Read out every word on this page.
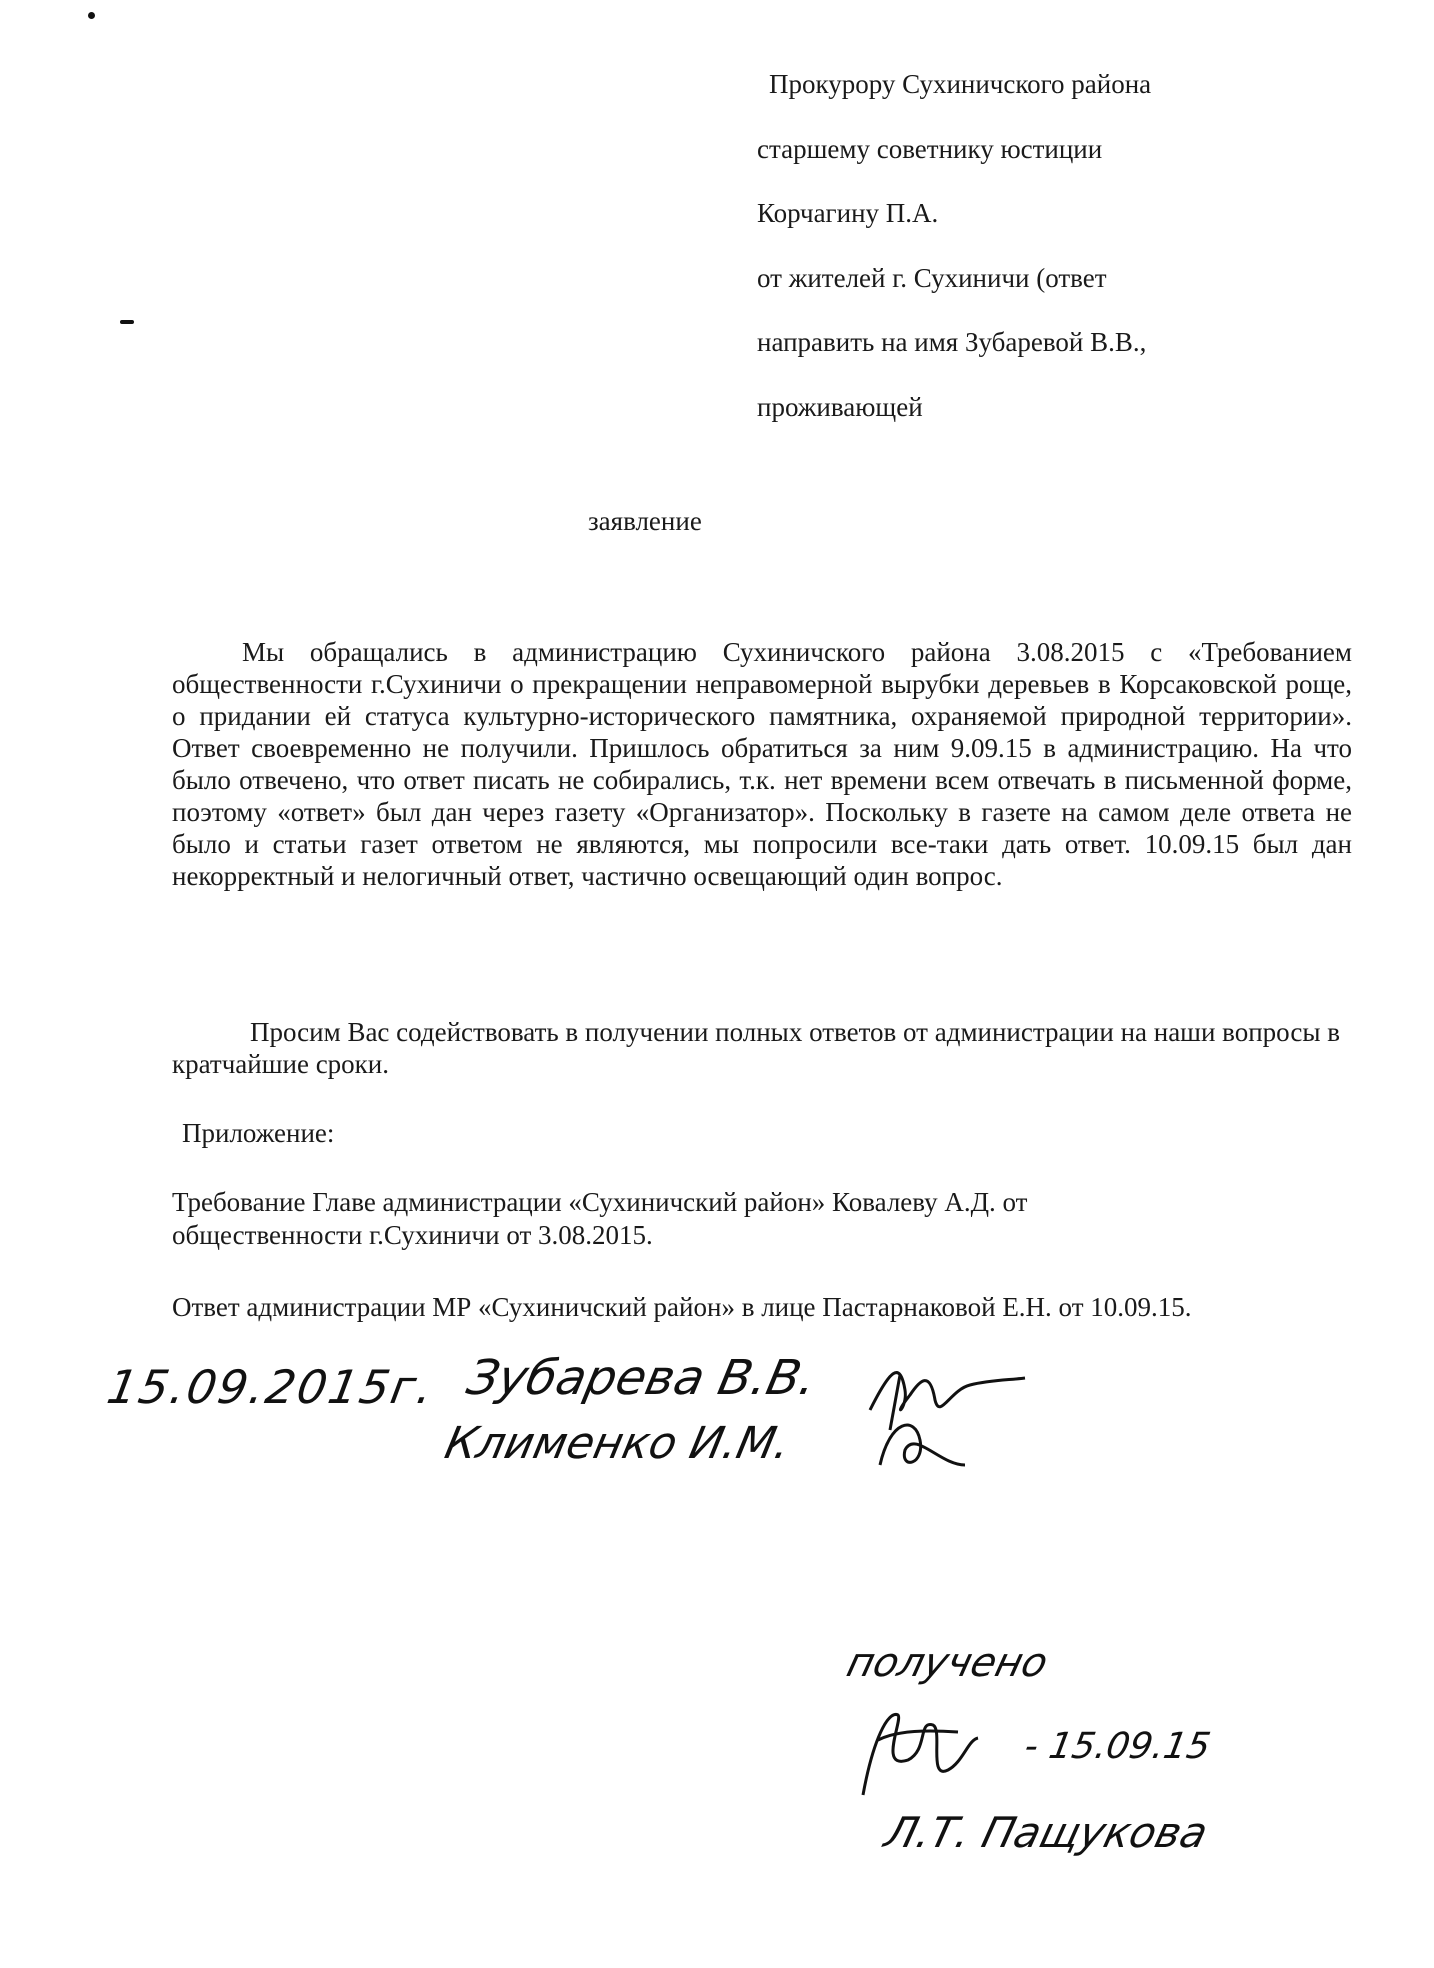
Прокурору Сухиничского района
старшему советнику юстиции
Корчагину П.А.
от жителей г. Сухиничи (ответ
направить на имя Зубаревой В.В.,
проживающей
заявление

Мы обращались в администрацию Сухиничского района 3.08.2015 с «Требованием общественности г.Сухиничи о прекращении неправомерной вырубки деревьев в Корсаковской роще, о придании ей статуса культурно-исторического памятника, охраняемой природной территории». Ответ своевременно не получили. Пришлось обратиться за ним 9.09.15 в администрацию. На что было отвечено, что ответ писать не собирались, т.к. нет времени всем отвечать в письменной форме, поэтому «ответ» был дан через газету «Организатор». Поскольку в газете на самом деле ответа не было и статьи газет ответом не являются, мы попросили все-таки дать ответ. 10.09.15 был дан некорректный и нелогичный ответ, частично освещающий один вопрос.

Просим Вас содействовать в получении полных ответов от администрации на наши вопросы в кратчайшие сроки.

Приложение:
Требование Главе администрации «Сухиничский район» Ковалеву А.Д. от общественности г.Сухиничи от 3.08.2015.
Ответ администрации МР «Сухиничский район» в лице Пастарнаковой Е.Н. от 10.09.15.
15.09.2015г. Зубарева В.В.
Клименко И.М.
получено
- 15.09.15
Л.Т. Пащукова
